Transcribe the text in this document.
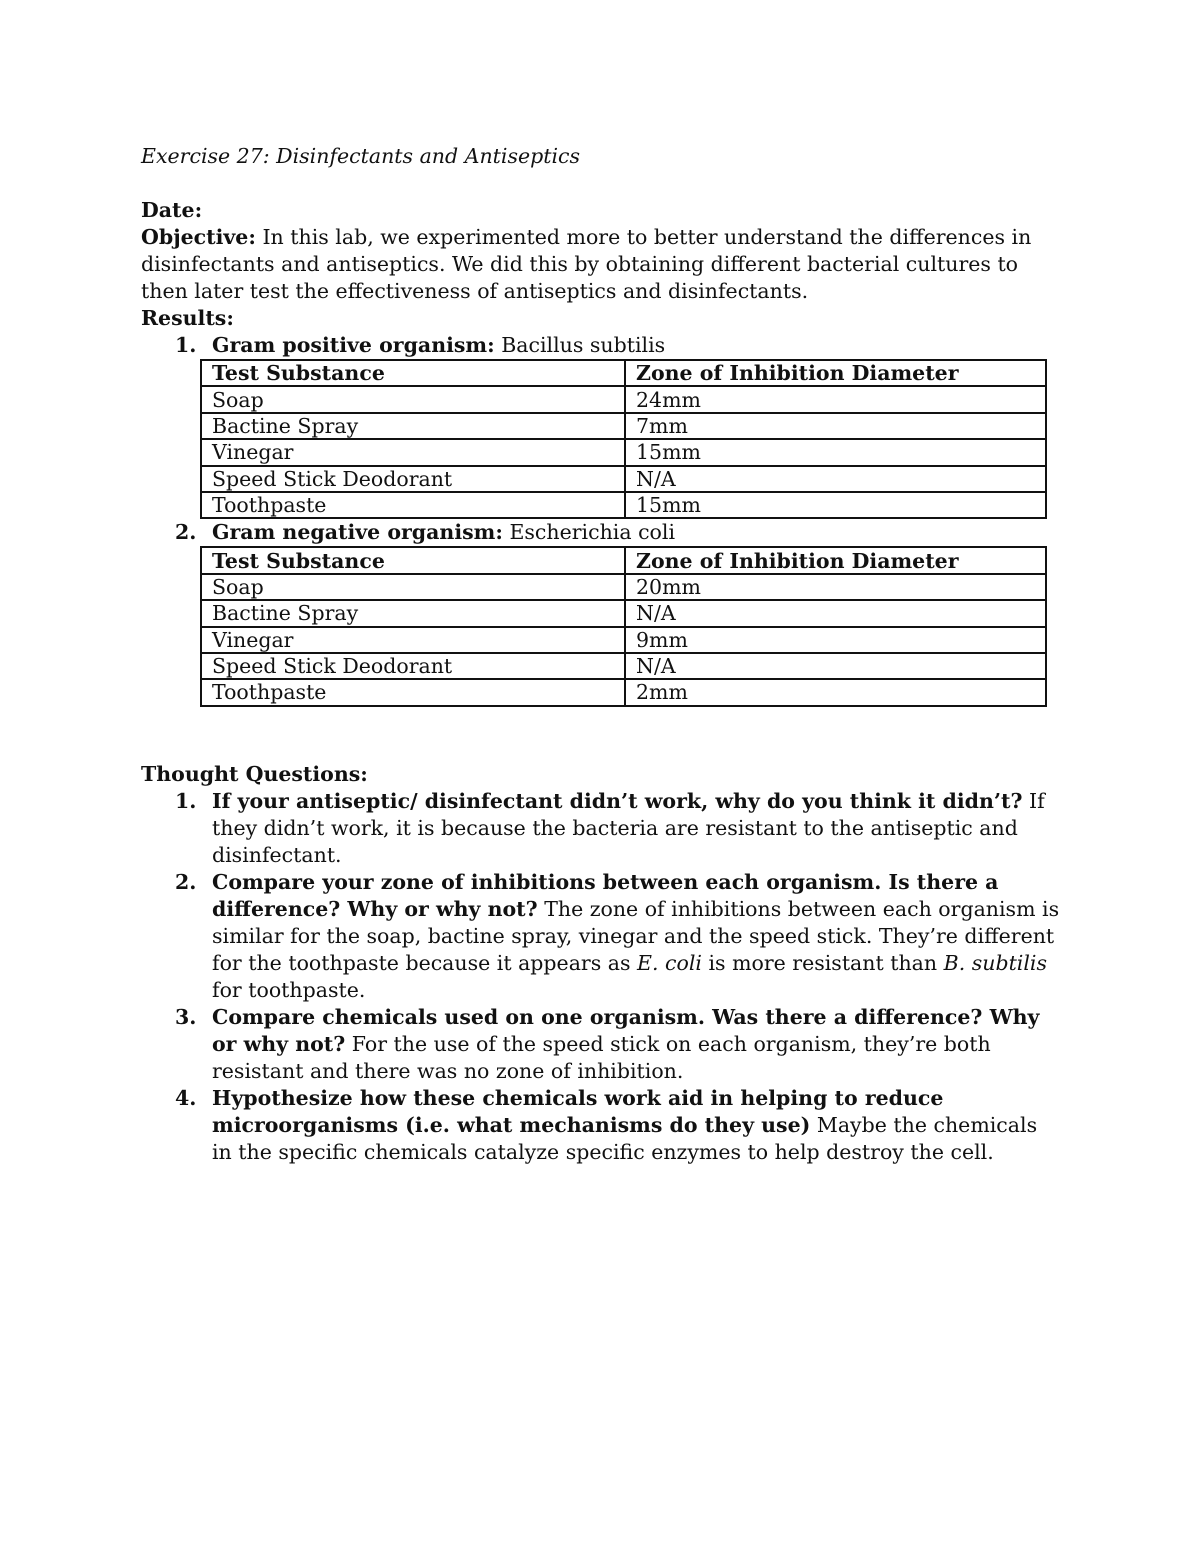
Exercise 27: Disinfectants and Antiseptics

Date:

Objective: In this lab, we experimented more to better understand the differences in disinfectants and antiseptics. We did this by obtaining different bacterial cultures to then later test the effectiveness of antiseptics and disinfectants.

Results:

1. Gram positive organism: Bacillus subtilis
Test Substance	Zone of Inhibition Diameter
Soap	24mm
Bactine Spray	7mm
Vinegar	15mm
Speed Stick Deodorant	N/A
Toothpaste	15mm
2. Gram negative organism: Escherichia coli
Test Substance	Zone of Inhibition Diameter
Soap	20mm
Bactine Spray	N/A
Vinegar	9mm
Speed Stick Deodorant	N/A
Toothpaste	2mm

Thought Questions:

1. If your antiseptic/ disinfectant didn’t work, why do you think it didn’t? If they didn’t work, it is because the bacteria are resistant to the antiseptic and disinfectant.
2. Compare your zone of inhibitions between each organism. Is there a difference? Why or why not? The zone of inhibitions between each organism is similar for the soap, bactine spray, vinegar and the speed stick. They’re different for the toothpaste because it appears as E. coli is more resistant than B. subtilis for toothpaste.
3. Compare chemicals used on one organism. Was there a difference? Why or why not? For the use of the speed stick on each organism, they’re both resistant and there was no zone of inhibition.
4. Hypothesize how these chemicals work aid in helping to reduce microorganisms (i.e. what mechanisms do they use) Maybe the chemicals in the specific chemicals catalyze specific enzymes to help destroy the cell.
